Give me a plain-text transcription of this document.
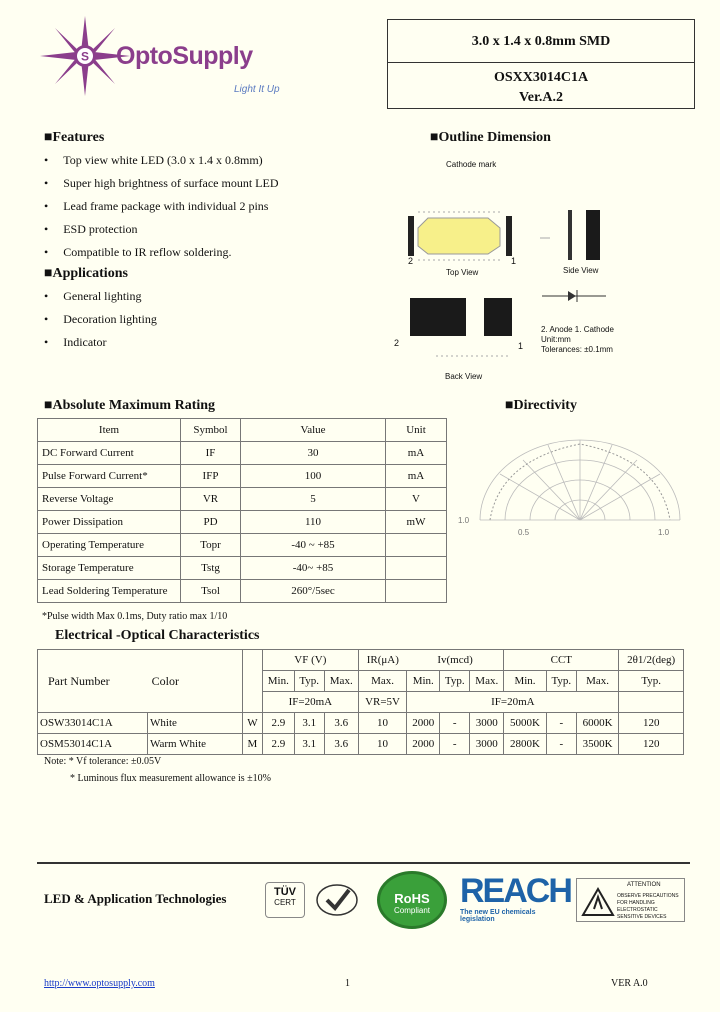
S OptoSupply
Light It Up
3.0 x 1.4 x 0.8mm SMD
OSXX3014C1A
Ver.A.2
■Features
•     Top view white LED (3.0 x 1.4 x 0.8mm)
•     Super high brightness of surface mount LED
•     Lead frame package with individual 2 pins
•     ESD protection
•     Compatible to IR reflow soldering.
■Applications
•     General lighting
•     Decoration lighting
•     Indicator
■Outline Dimension
Cathode mark
2	1
Top View	Side View
2	1
Back View
2. Anode 1. Cathode
Unit:mm
Tolerances: ±0.1mm
■Absolute Maximum Rating
Item	Symbol	Value	Unit
DC Forward Current	IF	30	mA
Pulse Forward Current*	IFP	100	mA
Reverse Voltage	VR	5	V
Power Dissipation	PD	110	mW
Operating Temperature	Topr	-40 ~ +85	
Storage Temperature	Tstg	-40~ +85	
Lead Soldering Temperature	Tsol	260°/5sec	
*Pulse width Max 0.1ms, Duty ratio max 1/10
■Directivity
1.0
0.5	1.0
Electrical -Optical Characteristics
Part Number Color			VF (V)			IR(μA)	Iv(mcd)			CCT			2θ1/2(deg)
			Min.	Typ.	Max.	Max.	Min.	Typ.	Max.	Min.	Typ.	Max.	Typ.
			IF=20mA			VR=5V	IF=20mA						
OSW33014C1A	White	W	2.9	3.1	3.6	10	2000	-	3000	5000K	-	6000K	120
OSM53014C1A	Warm White	M	2.9	3.1	3.6	10	2000	-	3000	2800K	-	3500K	120
Note: * Vf tolerance: ±0.05V
* Luminous flux measurement allowance is ±10%
LED & Application Technologies	TÜV
CERT	RoHS
Compliant
REACH
The new EU chemicals legislation
ATTENTION
OBSERVE PRECAUTIONS FOR HANDLING ELECTROSTATIC SENSITIVE DEVICES
http://www.optosupply.com	1	VER A.0
